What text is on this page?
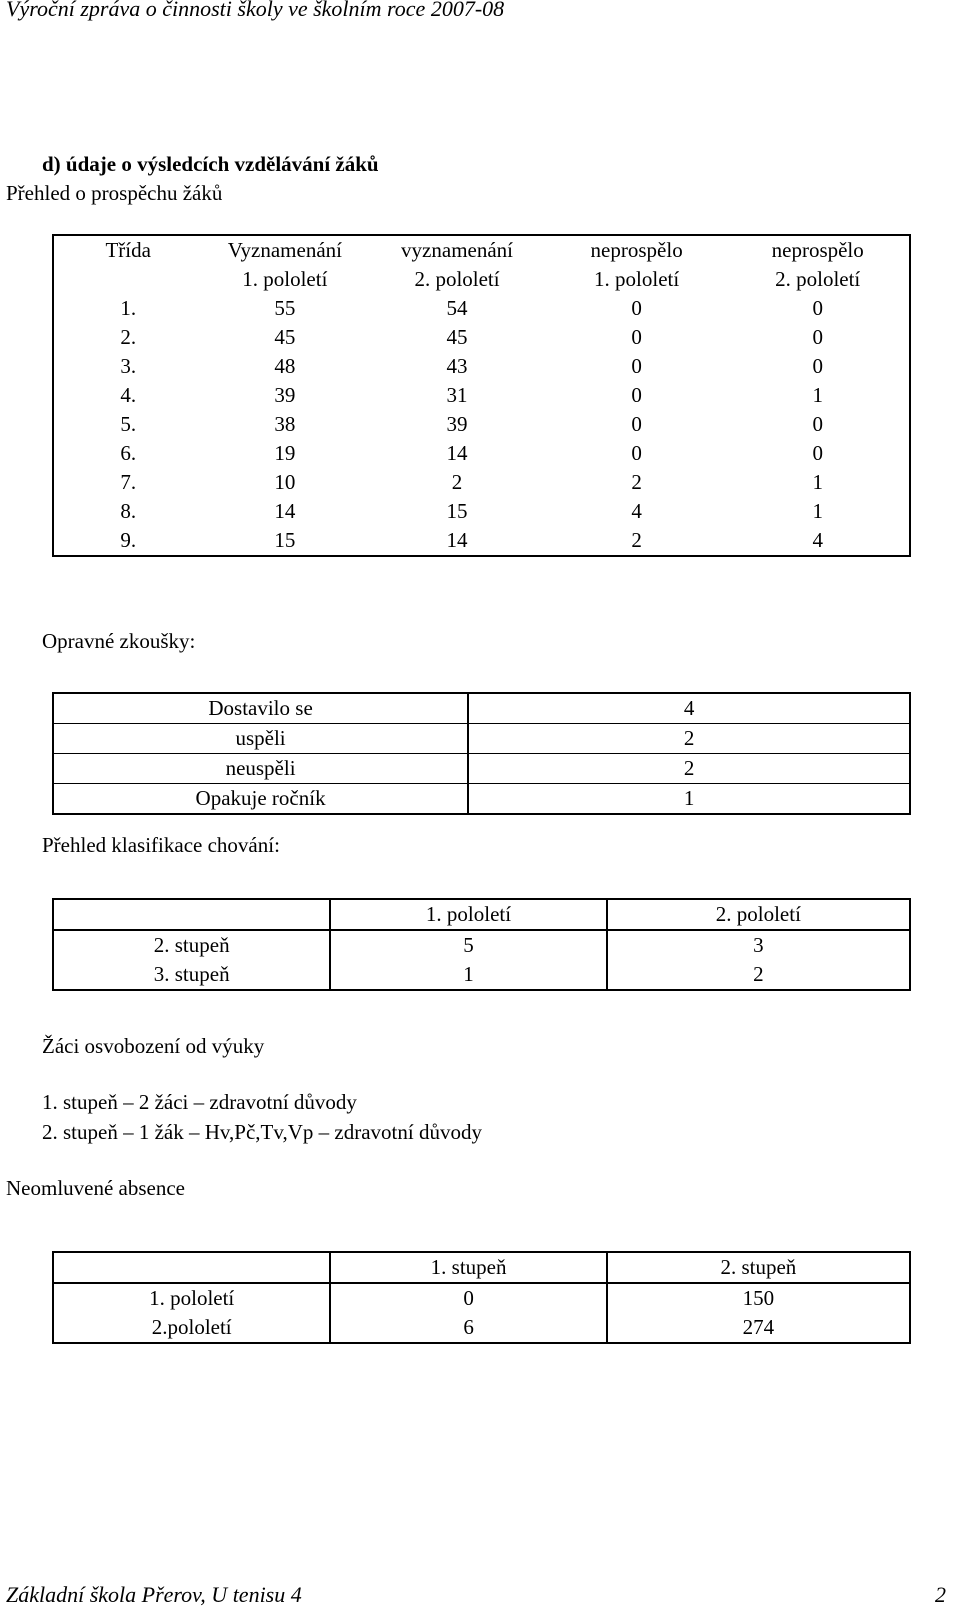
Výroční zpráva o činnosti školy ve školním roce 2007-08
d) údaje o výsledcích vzdělávání žáků
Přehled o prospěchu žáků
Třída	Vyznamenání	vyznamenání	neprospělo	neprospělo
	1. pololetí	2. pololetí	1. pololetí	2. pololetí
1.	55	54	0	0
2.	45	45	0	0
3.	48	43	0	0
4.	39	31	0	1
5.	38	39	0	0
6.	19	14	0	0
7.	10	2	2	1
8.	14	15	4	1
9.	15	14	2	4
Opravné zkoušky:
Dostavilo se	4
uspěli	2
neuspěli	2
Opakuje ročník	1
Přehled klasifikace chování:
	1. pololetí	2. pololetí
2. stupeň	5	3
3. stupeň	1	2
Žáci osvobození od výuky
1. stupeň – 2 žáci – zdravotní důvody
2. stupeň – 1 žák – Hv,Pč,Tv,Vp – zdravotní důvody
Neomluvené absence
	1. stupeň	2. stupeň
1. pololetí	0	150
2.pololetí	6	274
Základní škola Přerov, U tenisu 4	2
